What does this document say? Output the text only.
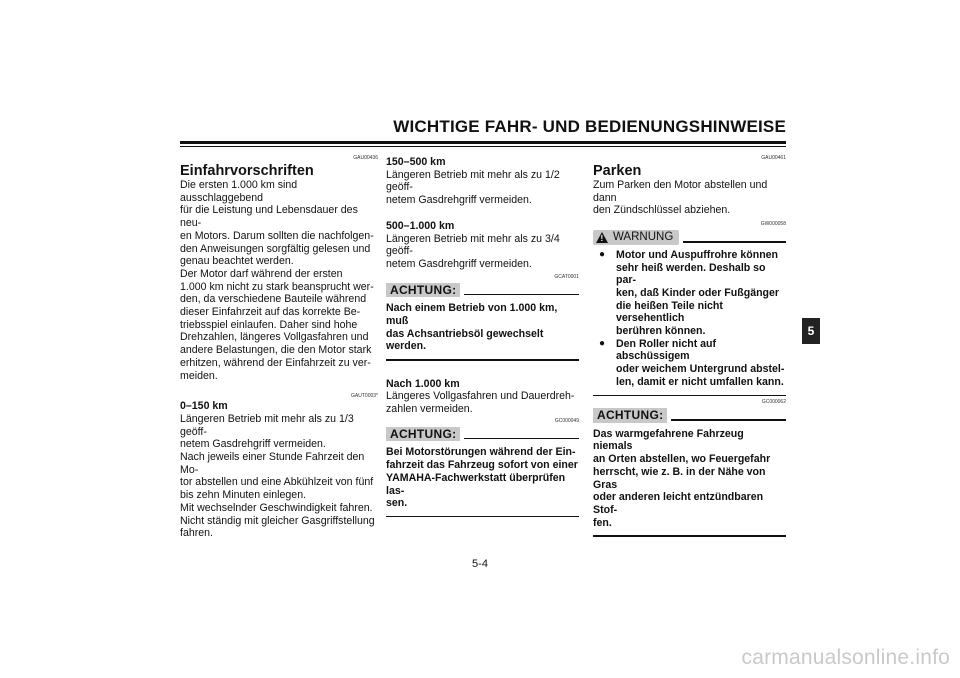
WICHTIGE FAHR- UND BEDIENUNGSHINWEISE
5
GAU00436
Einfahrvorschriften

Die ersten 1.000 km sind ausschlaggebend
für die Leistung und Lebensdauer des neu-
en Motors. Darum sollten die nachfolgen-
den Anweisungen sorgfältig gelesen und
genau beachtet werden.
Der Motor darf während der ersten
1.000 km nicht zu stark beansprucht wer-
den, da verschiedene Bauteile während
dieser Einfahrzeit auf das korrekte Be-
triebsspiel einlaufen. Daher sind hohe
Drehzahlen, längeres Vollgasfahren und
andere Belastungen, die den Motor stark
erhitzen, während der Einfahrzeit zu ver-
meiden.

GAUT0003*
0–150 km

Längeren Betrieb mit mehr als zu 1/3 geöff-
netem Gasdrehgriff vermeiden.
Nach jeweils einer Stunde Fahrzeit den Mo-
tor abstellen und eine Abkühlzeit von fünf
bis zehn Minuten einlegen.
Mit wechselnder Geschwindigkeit fahren.
Nicht ständig mit gleicher Gasgriffstellung
fahren.

150–500 km

Längeren Betrieb mit mehr als zu 1/2 geöff-
netem Gasdrehgriff vermeiden.

500–1.000 km

Längeren Betrieb mit mehr als zu 3/4 geöff-
netem Gasdrehgriff vermeiden.

GCAT0001
ACHTUNG:
Nach einem Betrieb von 1.000 km, muß
das Achsantriebsöl gewechselt werden.
Nach 1.000 km

Längeres Vollgasfahren und Dauerdreh-
zahlen vermeiden.

GC000049
ACHTUNG:
Bei Motorstörungen während der Ein-
fahrzeit das Fahrzeug sofort von einer
YAMAHA-Fachwerkstatt überprüfen las-
sen.
GAU00461
Parken

Zum Parken den Motor abstellen und dann
den Zündschlüssel abziehen.

GW000058
! WARNUNG
●	Motor und Auspuffrohre können
sehr heiß werden. Deshalb so par-
ken, daß Kinder oder Fußgänger
die heißen Teile nicht versehentlich
berühren können.
●	Den Roller nicht auf abschüssigem
oder weichem Untergrund abstel-
len, damit er nicht umfallen kann.
GC000062
ACHTUNG:
Das warmgefahrene Fahrzeug niemals
an Orten abstellen, wo Feuergefahr
herrscht, wie z. B. in der Nähe von Gras
oder anderen leicht entzündbaren Stof-
fen.
5-4
carmanualsonline.info
